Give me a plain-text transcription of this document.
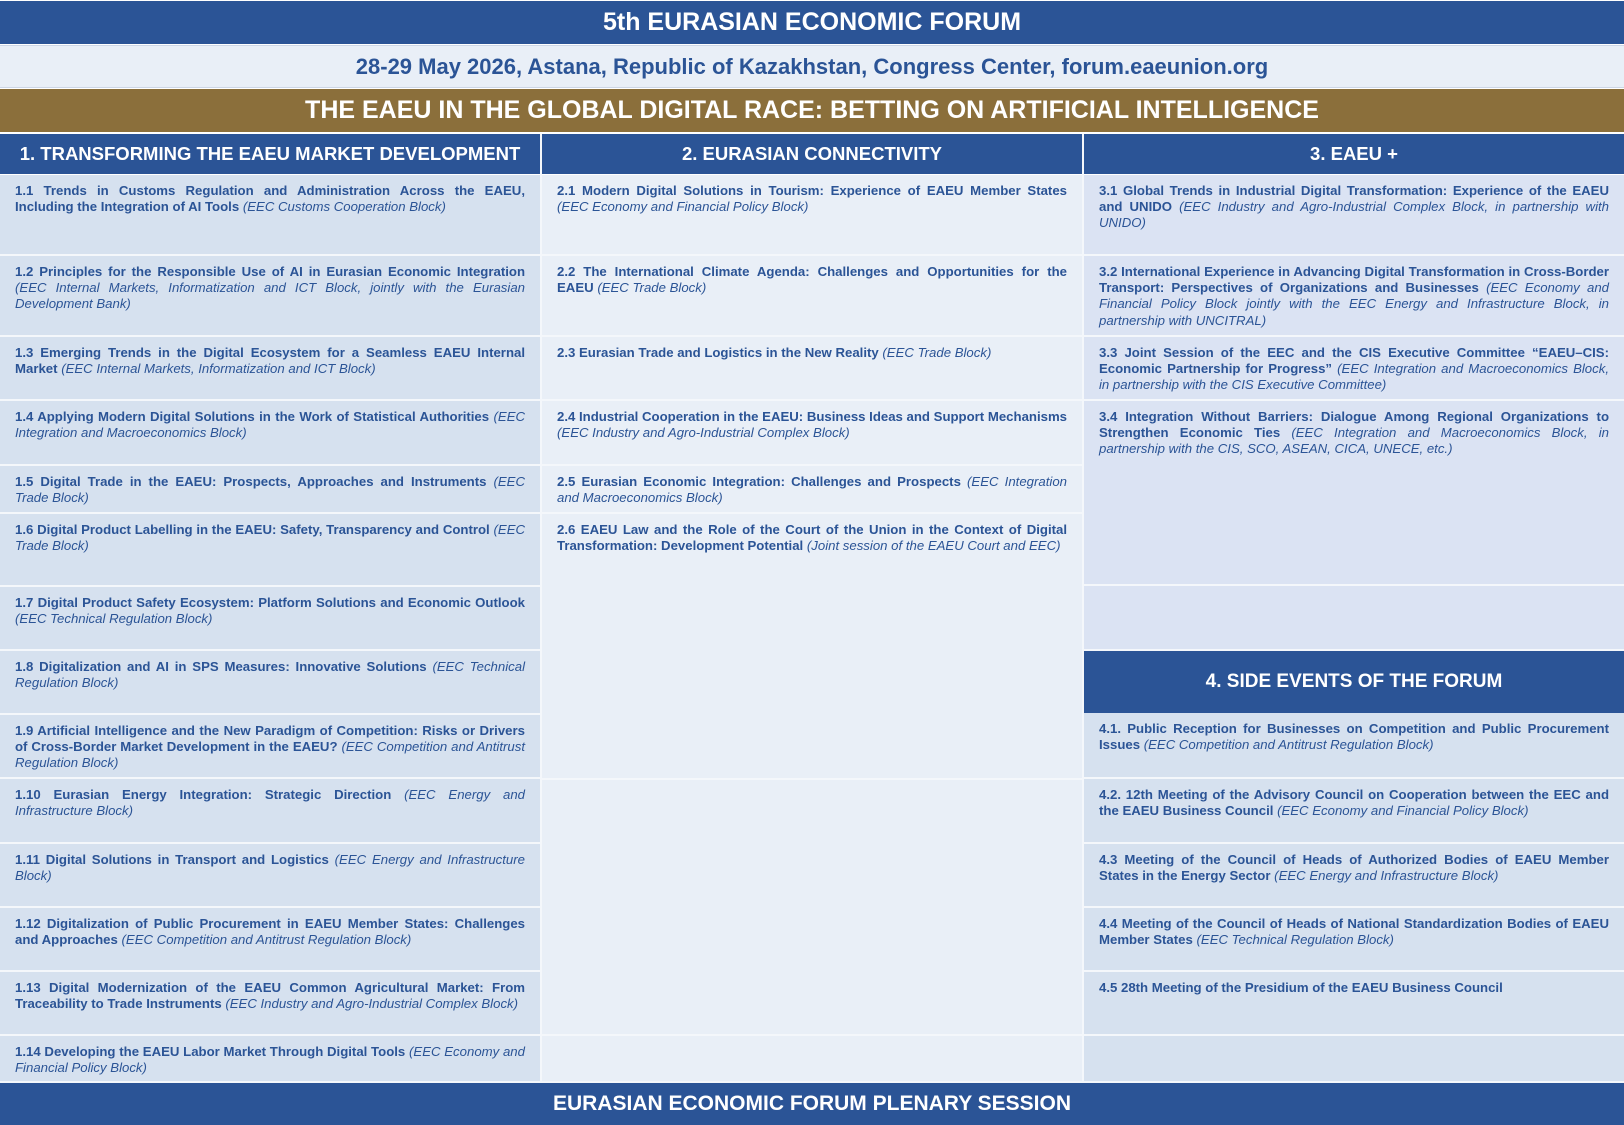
5th EURASIAN ECONOMIC FORUM
28-29 May 2026, Astana, Republic of Kazakhstan, Congress Center, forum.eaeunion.org
THE EAEU IN THE GLOBAL DIGITAL RACE: BETTING ON ARTIFICIAL INTELLIGENCE
1. TRANSFORMING THE EAEU MARKET DEVELOPMENT	2. EURASIAN CONNECTIVITY	3. EAEU +
1.1 Trends in Customs Regulation and Administration Across the EAEU, Including the Integration of AI Tools (EEC Customs Cooperation Block)
1.2 Principles for the Responsible Use of AI in Eurasian Economic Integration (EEC Internal Markets, Informatization and ICT Block, jointly with the Eurasian Development Bank)
1.3 Emerging Trends in the Digital Ecosystem for a Seamless EAEU Internal Market (EEC Internal Markets, Informatization and ICT Block)
1.4 Applying Modern Digital Solutions in the Work of Statistical Authorities (EEC Integration and Macroeconomics Block)
1.5 Digital Trade in the EAEU: Prospects, Approaches and Instruments (EEC Trade Block)
1.6 Digital Product Labelling in the EAEU: Safety, Transparency and Control (EEC Trade Block)
1.7 Digital Product Safety Ecosystem: Platform Solutions and Economic Outlook (EEC Technical Regulation Block)
1.8 Digitalization and AI in SPS Measures: Innovative Solutions (EEC Technical Regulation Block)
1.9 Artificial Intelligence and the New Paradigm of Competition: Risks or Drivers of Cross-Border Market Development in the EAEU? (EEC Competition and Antitrust Regulation Block)
1.10 Eurasian Energy Integration: Strategic Direction (EEC Energy and Infrastructure Block)
1.11 Digital Solutions in Transport and Logistics (EEC Energy and Infrastructure Block)
1.12 Digitalization of Public Procurement in EAEU Member States: Challenges and Approaches (EEC Competition and Antitrust Regulation Block)
1.13 Digital Modernization of the EAEU Common Agricultural Market: From Traceability to Trade Instruments (EEC Industry and Agro-Industrial Complex Block)
1.14 Developing the EAEU Labor Market Through Digital Tools (EEC Economy and Financial Policy Block)
2.1 Modern Digital Solutions in Tourism: Experience of EAEU Member States (EEC Economy and Financial Policy Block)
2.2 The International Climate Agenda: Challenges and Opportunities for the EAEU (EEC Trade Block)
2.3 Eurasian Trade and Logistics in the New Reality (EEC Trade Block)
2.4 Industrial Cooperation in the EAEU: Business Ideas and Support Mechanisms (EEC Industry and Agro-Industrial Complex Block)
2.5 Eurasian Economic Integration: Challenges and Prospects (EEC Integration and Macroeconomics Block)
2.6 EAEU Law and the Role of the Court of the Union in the Context of Digital Transformation: Development Potential (Joint session of the EAEU Court and EEC)
3.1 Global Trends in Industrial Digital Transformation: Experience of the EAEU and UNIDO (EEC Industry and Agro-Industrial Complex Block, in partnership with UNIDO)
3.2 International Experience in Advancing Digital Transformation in Cross-Border Transport: Perspectives of Organizations and Businesses (EEC Economy and Financial Policy Block jointly with the EEC Energy and Infrastructure Block, in partnership with UNCITRAL)
3.3 Joint Session of the EEC and the CIS Executive Committee “EAEU–CIS: Economic Partnership for Progress” (EEC Integration and Macroeconomics Block, in partnership with the CIS Executive Committee)
3.4 Integration Without Barriers: Dialogue Among Regional Organizations to Strengthen Economic Ties (EEC Integration and Macroeconomics Block, in partnership with the CIS, SCO, ASEAN, CICA, UNECE, etc.)
4. SIDE EVENTS OF THE FORUM
4.1. Public Reception for Businesses on Competition and Public Procurement Issues (EEC Competition and Antitrust Regulation Block)
4.2. 12th Meeting of the Advisory Council on Cooperation between the EEC and the EAEU Business Council (EEC Economy and Financial Policy Block)
4.3 Meeting of the Council of Heads of Authorized Bodies of EAEU Member States in the Energy Sector (EEC Energy and Infrastructure Block)
4.4 Meeting of the Council of Heads of National Standardization Bodies of EAEU Member States (EEC Technical Regulation Block)
4.5 28th Meeting of the Presidium of the EAEU Business Council
EURASIAN ECONOMIC FORUM PLENARY SESSION
